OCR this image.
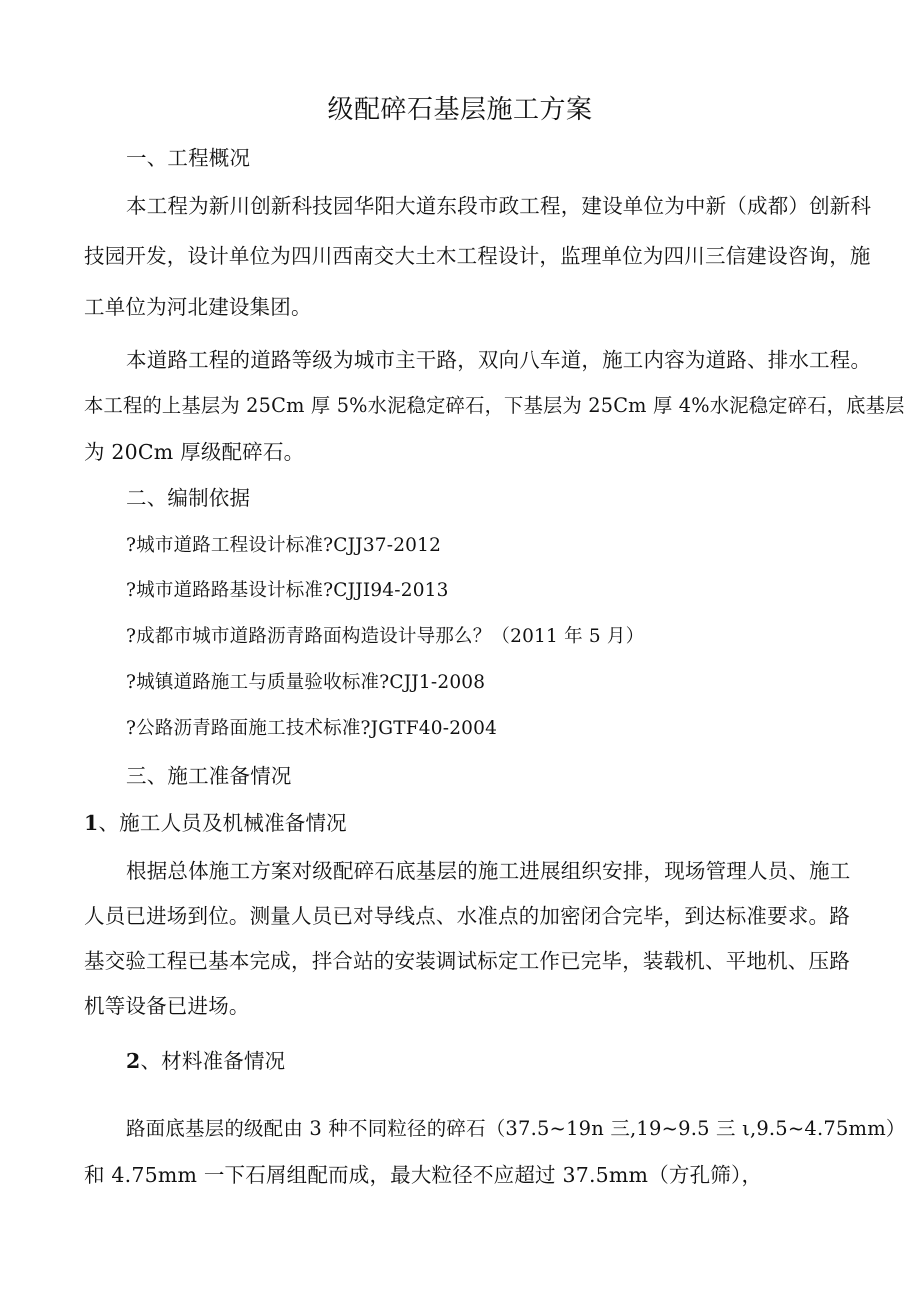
级配碎石基层施工方案
一、工程概况
本工程为新川创新科技园华阳大道东段市政工程，建设单位为中新（成都）创新科
技园开发，设计单位为四川西南交大土木工程设计，监理单位为四川三信建设咨询，施
工单位为河北建设集团。
本道路工程的道路等级为城市主干路，双向八车道，施工内容为道路、排水工程。
本工程的上基层为 25Cm 厚 5%水泥稳定碎石，下基层为 25Cm 厚 4%水泥稳定碎石，底基层
为 20Cm 厚级配碎石。
二、编制依据
?城市道路工程设计标准?CJJ37-2012
?城市道路路基设计标准?CJJI94-2013
?成都市城市道路沥青路面构造设计导那么？（2011 年 5 月）
?城镇道路施工与质量验收标准?CJJ1-2008
?公路沥青路面施工技术标准?JGTF40-2004
三、施工准备情况
1、施工人员及机械准备情况
根据总体施工方案对级配碎石底基层的施工进展组织安排，现场管理人员、施工
人员已进场到位。测量人员已对导线点、水准点的加密闭合完毕，到达标准要求。路
基交验工程已基本完成，拌合站的安装调试标定工作已完毕，装载机、平地机、压路
机等设备已进场。
2、材料准备情况
路面底基层的级配由 3 种不同粒径的碎石（37.5~19n 三,19~9.5 三 ι,9.5~4.75mm）
和 4.75mm 一下石屑组配而成，最大粒径不应超过 37.5mm（方孔筛），
